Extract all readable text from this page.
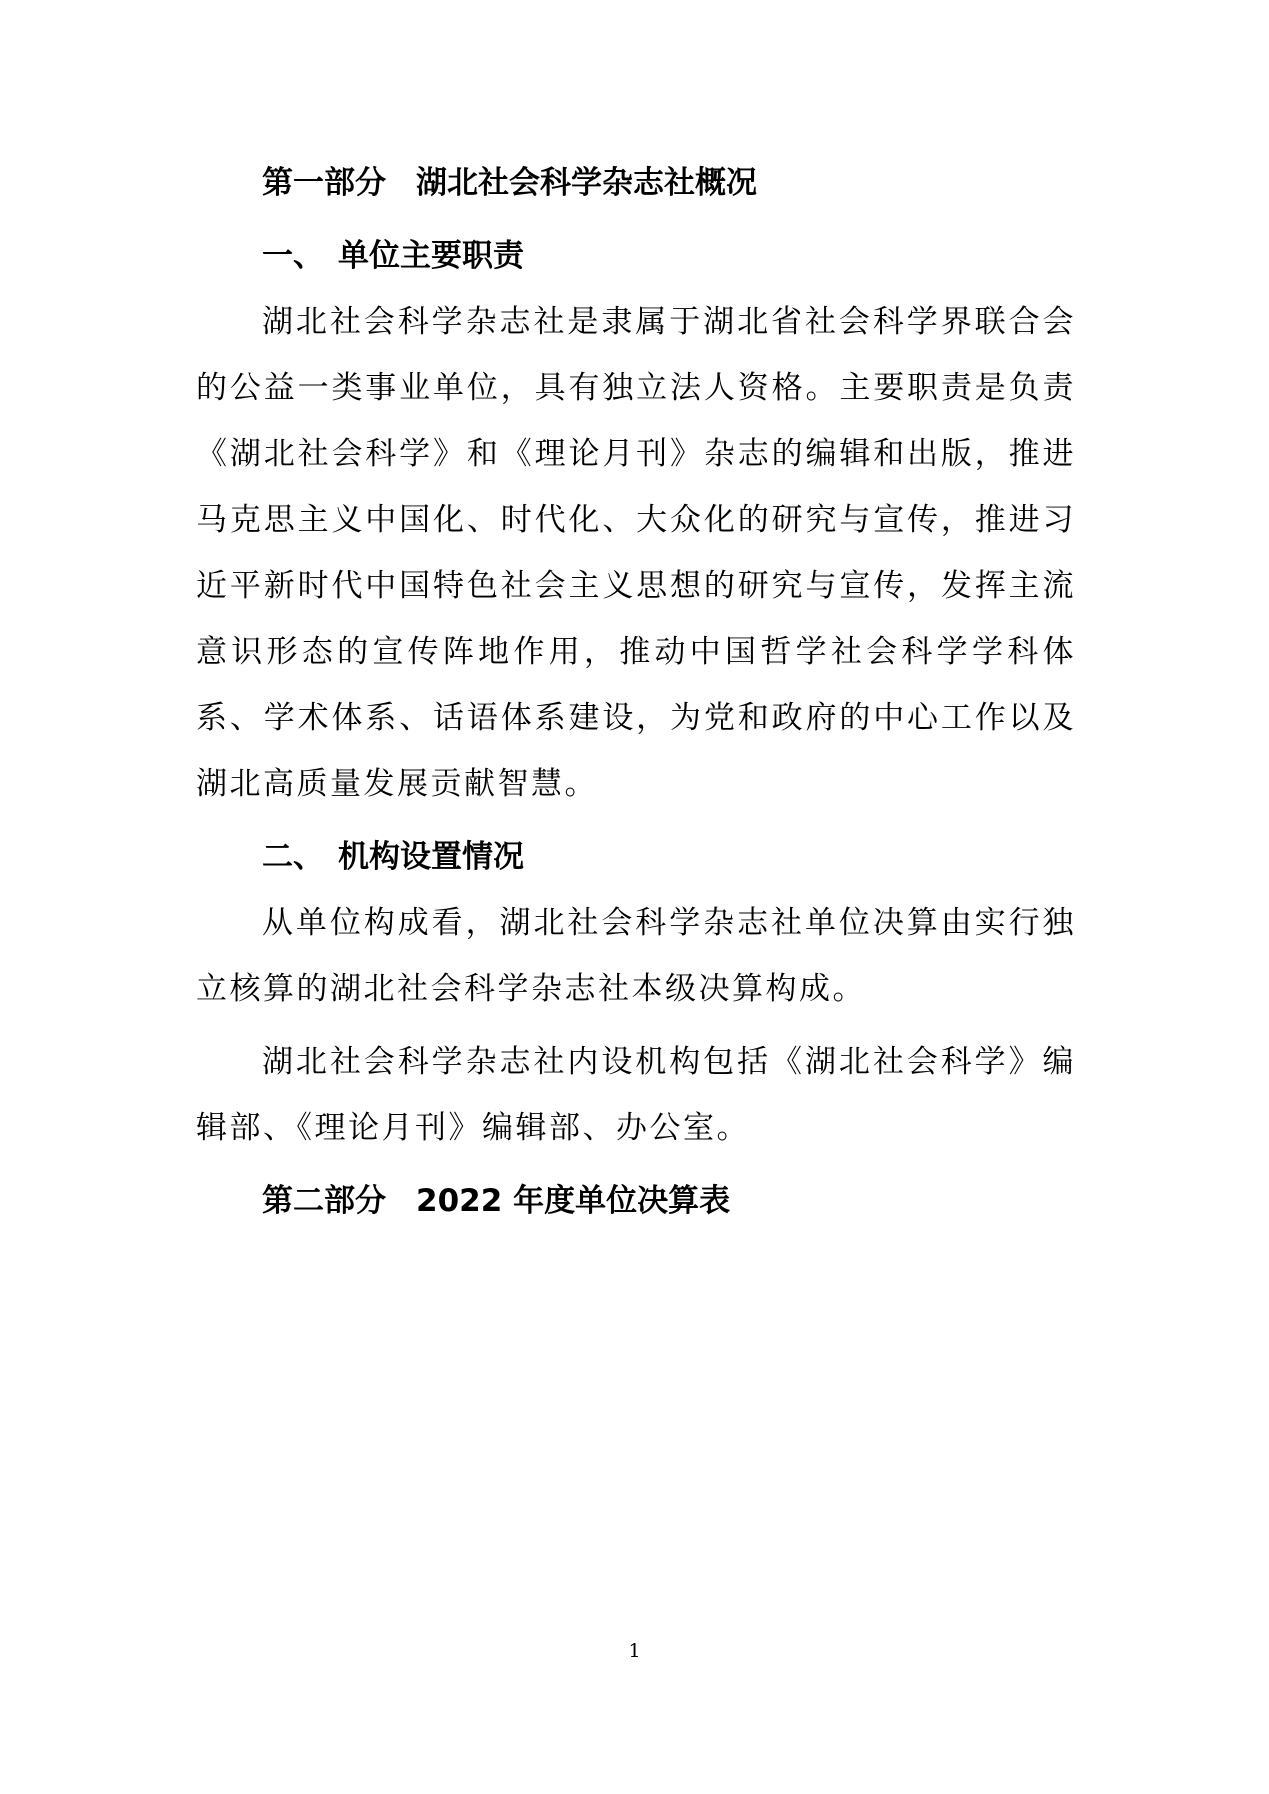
第一部分 湖北社会科学杂志社概况
一、 单位主要职责

湖北社会科学杂志社是隶属于湖北省社会科学界联合会的公益一类事业单位，具有独立法人资格。主要职责是负责《湖北社会科学》和《理论月刊》杂志的编辑和出版，推进马克思主义中国化、时代化、大众化的研究与宣传，推进习近平新时代中国特色社会主义思想的研究与宣传，发挥主流意识形态的宣传阵地作用，推动中国哲学社会科学学科体系、学术体系、话语体系建设，为党和政府的中心工作以及湖北高质量发展贡献智慧。

二、 机构设置情况

从单位构成看，湖北社会科学杂志社单位决算由实行独立核算的湖北社会科学杂志社本级决算构成。

湖北社会科学杂志社内设机构包括《湖北社会科学》编辑部、《理论月刊》编辑部、办公室。

第二部分 2022 年度单位决算表
1
